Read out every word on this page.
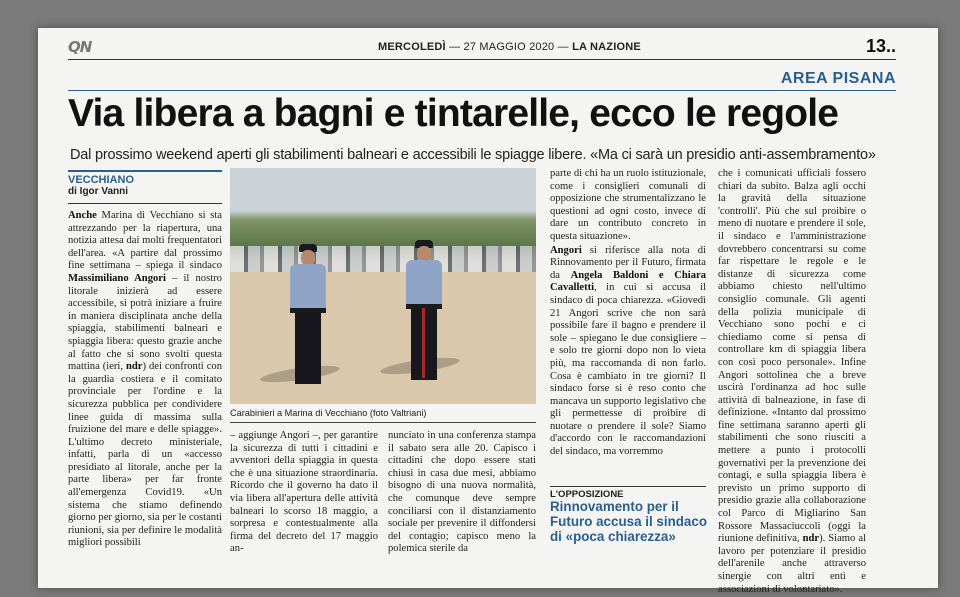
QN	MERCOLEDÌ — 27 MAGGIO 2020 — LA NAZIONE	13..
AREA PISANA
Via libera a bagni e tintarelle, ecco le regole
Dal prossimo weekend aperti gli stabilimenti balneari e accessibili le spiagge libere. «Ma ci sarà un presidio anti-assembramento»
VECCHIANO
di Igor Vanni

Anche Marina di Vecchiano si sta attrezzando per la riapertura, una notizia attesa dai molti frequentatori dell'area. «A partire dal prossimo fine settimana – spiega il sindaco Massimiliano Angori – il nostro litorale inizierà ad essere accessibile, si potrà iniziare a fruire in maniera disciplinata anche della spiaggia, stabilimenti balneari e spiaggia libera: questo grazie anche al fatto che si sono svolti questa mattina (ieri, ndr) dei confronti con la guardia costiera e il comitato provinciale per l'ordine e la sicurezza pubblica per condividere linee guida di massima sulla fruizione del mare e delle spiagge». L'ultimo decreto ministeriale, infatti, parla di un «accesso presidiato al litorale, anche per la parte libera» per far fronte all'emergenza Covid19. «Un sistema che stiamo definendo giorno per giorno, sia per le costanti riunioni, sia per definire le modalità migliori possibili

Carabinieri a Marina di Vecchiano (foto Valtriani)

– aggiunge Angori –, per garantire la sicurezza di tutti i cittadini e avventori della spiaggia in questa che è una situazione straordinaria. Ricordo che il governo ha dato il via libera all'apertura delle attività balneari lo scorso 18 maggio, a sorpresa e contestualmente alla firma del decreto del 17 maggio an-

nunciato in una conferenza stampa il sabato sera alle 20. Capisco i cittadini che dopo essere stati chiusi in casa due mesi, abbiamo bisogno di una nuova normalità, che comunque deve sempre conciliarsi con il distanziamento sociale per prevenire il diffondersi del contagio; capisco meno la polemica sterile da

parte di chi ha un ruolo istituzionale, come i consiglieri comunali di opposizione che strumentalizzano le questioni ad ogni costo, invece di dare un contributo concreto in questa situazione».

Angori si riferisce alla nota di Rinnovamento per il Futuro, firmata da Angela Baldoni e Chiara Cavalletti, in cui si accusa il sindaco di poca chiarezza. «Giovedì 21 Angori scrive che non sarà possibile fare il bagno e prendere il sole – spiegano le due consigliere – e solo tre giorni dopo non lo vieta più, ma raccomanda di non farlo. Cosa è cambiato in tre giorni? Il sindaco forse si è reso conto che mancava un supporto legislativo che gli permettesse di proibire di nuotare o prendere il sole? Siamo d'accordo con le raccomandazioni del sindaco, ma vorremmo

L'OPPOSIZIONE
Rinnovamento per il Futuro accusa il sindaco di «poca chiarezza»

che i comunicati ufficiali fossero chiari da subito. Balza agli occhi la gravità della situazione 'controlli'. Più che sul proibire o meno di nuotare e prendere il sole, il sindaco e l'amministrazione dovrebbero concentrarsi su come far rispettare le regole e le distanze di sicurezza come abbiamo chiesto nell'ultimo consiglio comunale. Gli agenti della polizia municipale di Vecchiano sono pochi e ci chiediamo come si pensa di controllare km di spiaggia libera con così poco personale». Infine Angori sottolinea che a breve uscirà l'ordinanza ad hoc sulle attività di balneazione, in fase di definizione. «Intanto dal prossimo fine settimana saranno aperti gli stabilimenti che sono riusciti a mettere a punto i protocolli governativi per la prevenzione dei contagi, e sulla spiaggia libera è previsto un primo supporto di presidio grazie alla collaborazione col Parco di Migliarino San Rossore Massaciuccoli (oggi la riunione definitiva, ndr). Siamo al lavoro per potenziare il presidio dell'arenile anche attraverso sinergie con altri enti e associazioni di volontariato».
